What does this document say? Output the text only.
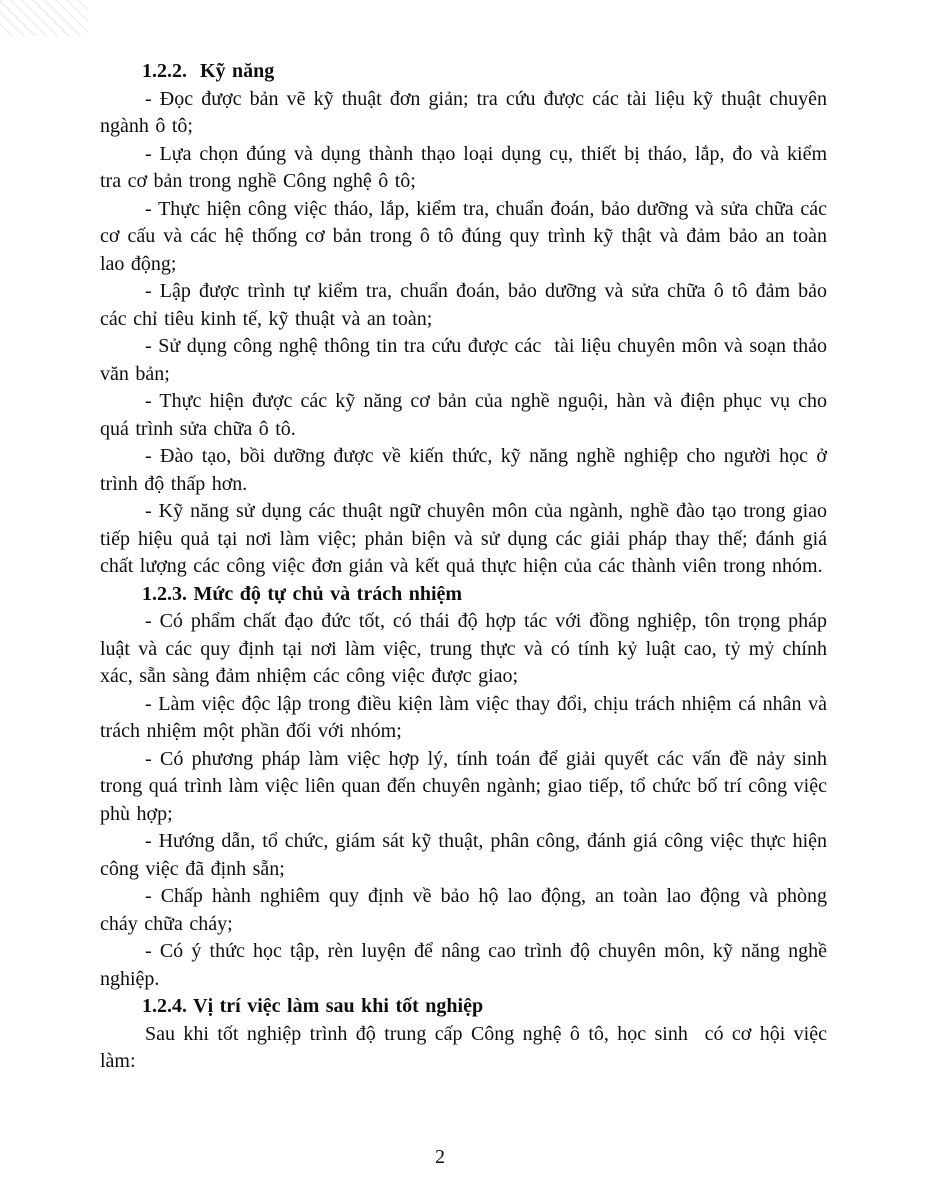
1.2.2.  Kỹ năng

- Đọc được bản vẽ kỹ thuật đơn giản; tra cứu được các tài liệu kỹ thuật chuyên ngành ô tô;

- Lựa chọn đúng và dụng thành thạo loại dụng cụ, thiết bị tháo, lắp, đo và kiểm tra cơ bản trong nghề Công nghệ ô tô;

- Thực hiện công việc tháo, lắp, kiểm tra, chuẩn đoán, bảo dưỡng và sửa chữa các cơ cấu và các hệ thống cơ bản trong ô tô đúng quy trình kỹ thật và đảm bảo an toàn lao động;

- Lập được trình tự kiểm tra, chuẩn đoán, bảo dưỡng và sửa chữa ô tô đảm bảo các chỉ tiêu kinh tế, kỹ thuật và an toàn;

- Sử dụng công nghệ thông tin tra cứu được các  tài liệu chuyên môn và soạn thảo văn bản;

- Thực hiện được các kỹ năng cơ bản của nghề nguội, hàn và điện phục vụ cho quá trình sửa chữa ô tô.

- Đào tạo, bồi dưỡng được về kiến thức, kỹ năng nghề nghiệp cho người học ở trình độ thấp hơn.

- Kỹ năng sử dụng các thuật ngữ chuyên môn của ngành, nghề đào tạo trong giao tiếp hiệu quả tại nơi làm việc; phản biện và sử dụng các giải pháp thay thế; đánh giá chất lượng các công việc đơn giản và kết quả thực hiện của các thành viên trong nhóm.

1.2.3. Mức độ tự chủ và trách nhiệm

- Có phẩm chất đạo đức tốt, có thái độ hợp tác với đồng nghiệp, tôn trọng pháp luật và các quy định tại nơi làm việc, trung thực và có tính kỷ luật cao, tỷ mỷ chính xác, sẵn sàng đảm nhiệm các công việc được giao;

- Làm việc độc lập trong điều kiện làm việc thay đổi, chịu trách nhiệm cá nhân và trách nhiệm một phần đối với nhóm;

- Có phương pháp làm việc hợp lý, tính toán để giải quyết các vấn đề nảy sinh trong quá trình làm việc liên quan đến chuyên ngành; giao tiếp, tổ chức bố trí công việc phù hợp;

- Hướng dẫn, tổ chức, giám sát kỹ thuật, phân công, đánh giá công việc thực hiện công việc đã định sẵn;

- Chấp hành nghiêm quy định về bảo hộ lao động, an toàn lao động và phòng cháy chữa cháy;

- Có ý thức học tập, rèn luyện để nâng cao trình độ chuyên môn, kỹ năng nghề nghiệp.

1.2.4. Vị trí việc làm sau khi tốt nghiệp

Sau khi tốt nghiệp trình độ trung cấp Công nghệ ô tô, học sinh  có cơ hội việc làm:

2
